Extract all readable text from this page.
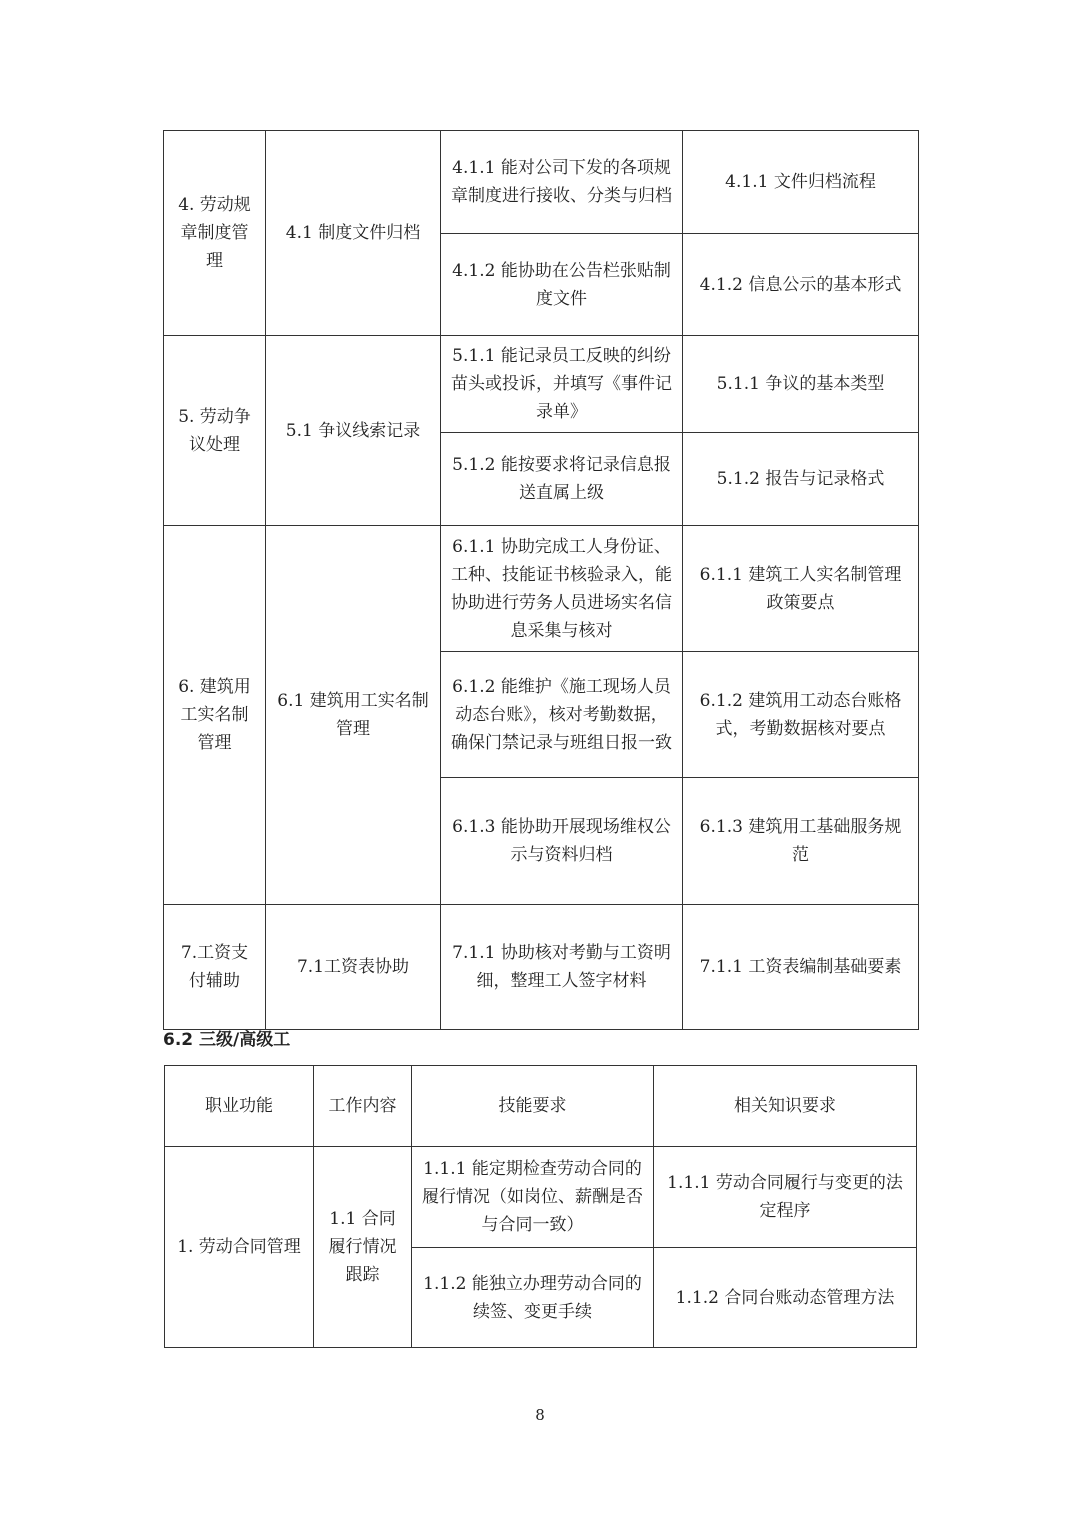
4. 劳动规章制度管理	4.1 制度文件归档	4.1.1 能对公司下发的各项规章制度进行接收、分类与归档	4.1.1 文件归档流程
		4.1.2 能协助在公告栏张贴制度文件	4.1.2 信息公示的基本形式
5. 劳动争议处理	5.1 争议线索记录	5.1.1 能记录员工反映的纠纷苗头或投诉，并填写《事件记录单》	5.1.1 争议的基本类型
		5.1.2 能按要求将记录信息报送直属上级	5.1.2 报告与记录格式
6. 建筑用工实名制管理	6.1 建筑用工实名制管理	6.1.1 协助完成工人身份证、工种、技能证书核验录入，能协助进行劳务人员进场实名信息采集与核对	6.1.1 建筑工人实名制管理政策要点
		6.1.2 能维护《施工现场人员动态台账》，核对考勤数据，确保门禁记录与班组日报一致	6.1.2 建筑用工动态台账格式，考勤数据核对要点
		6.1.3 能协助开展现场维权公示与资料归档	6.1.3 建筑用工基础服务规范
7.工资支付辅助	7.1工资表协助	7.1.1 协助核对考勤与工资明细，整理工人签字材料	7.1.1 工资表编制基础要素
6.2 三级/高级工
职业功能	工作内容	技能要求	相关知识要求
1. 劳动合同管理	1.1 合同履行情况跟踪	1.1.1 能定期检查劳动合同的履行情况（如岗位、薪酬是否与合同一致）	1.1.1 劳动合同履行与变更的法定程序
		1.1.2 能独立办理劳动合同的续签、变更手续	1.1.2 合同台账动态管理方法
8
